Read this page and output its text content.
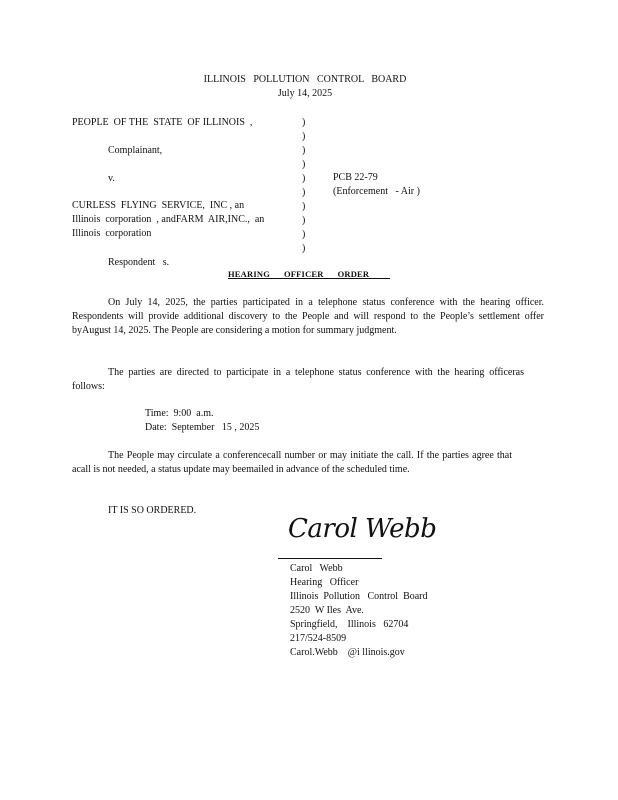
ILLINOIS   POLLUTION   CONTROL   BOARD
July 14, 2025
PEOPLE  OF THE  STATE  OF ILLINOIS  ,
Complainant,
v.
CURLESS  FLYING  SERVICE,  INC , an
Illinois  corporation  , andFARM  AIR,INC.,  an
Illinois  corporation
Respondent   s.
)
)
)
)
)
)
)
)
)
)
PCB 22-79
(Enforcement   - Air )
HEARING      OFFICER      ORDER
On July 14, 2025, the parties participated in a telephone status conference with the hearing officer. Respondents will provide additional discovery to the People and will respond to the People’s settlement offer byAugust 14, 2025. The People are considering a motion for summary judgment.
The parties are directed to participate in a telephone status conference with the hearing officeras follows:
Time:  9:00  a.m.
Date:  September   15 , 2025
The People may circulate a conferencecall number or may initiate the call. If the parties agree that acall is not needed, a status update may beemailed in advance of the scheduled time.
IT IS SO ORDERED.
Carol Webb
Carol   Webb
Hearing   Officer
Illinois  Pollution   Control  Board
2520  W Iles  Ave.
Springfield,    Illinois   62704
217/524-8509
Carol.Webb    @i llinois.gov
